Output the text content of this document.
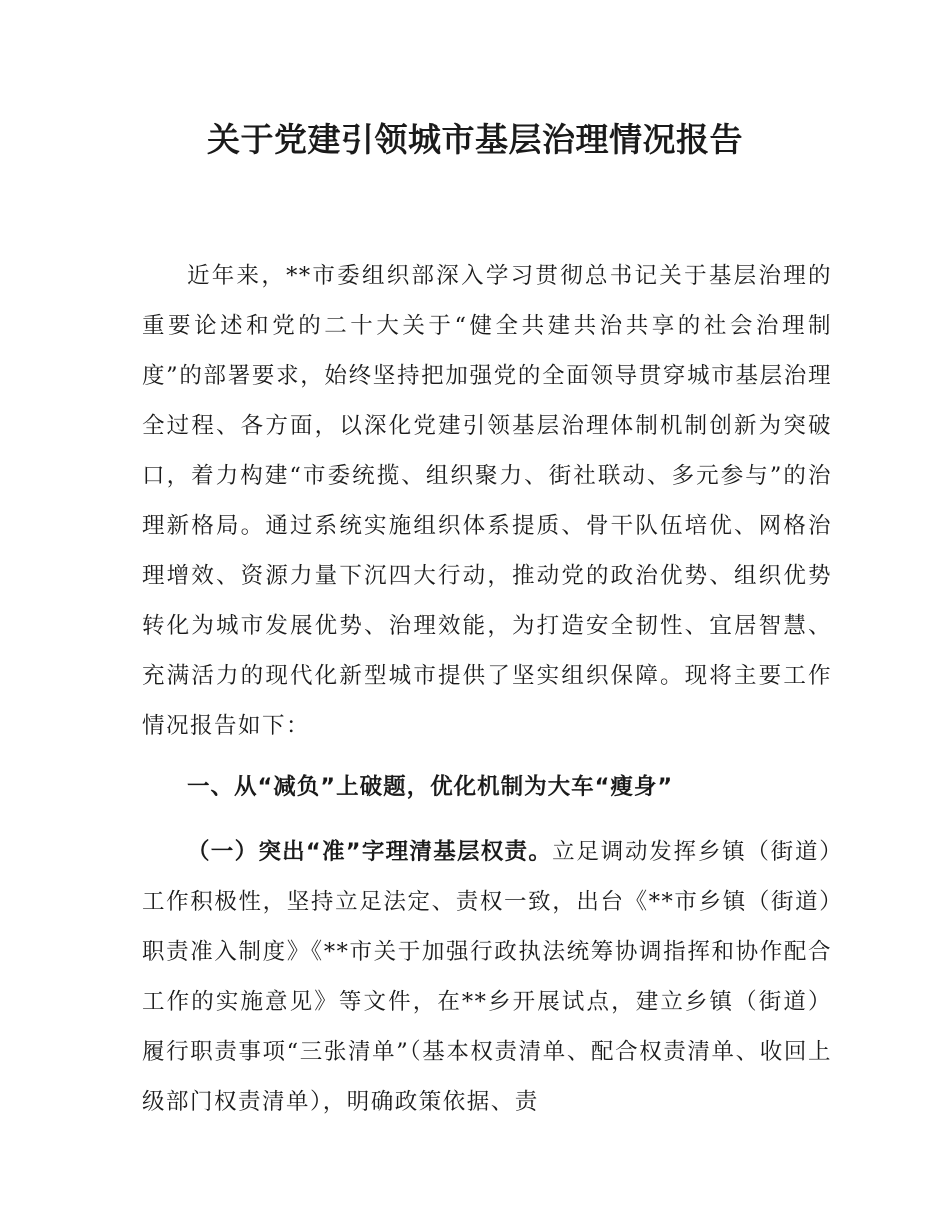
关于党建引领城市基层治理情况报告

近年来，**市委组织部深入学习贯彻总书记关于基层治理的重要论述和党的二十大关于“健全共建共治共享的社会治理制度”的部署要求，始终坚持把加强党的全面领导贯穿城市基层治理全过程、各方面，以深化党建引领基层治理体制机制创新为突破口，着力构建“市委统揽、组织聚力、街社联动、多元参与”的治理新格局。通过系统实施组织体系提质、骨干队伍培优、网格治理增效、资源力量下沉四大行动，推动党的政治优势、组织优势转化为城市发展优势、治理效能，为打造安全韧性、宜居智慧、充满活力的现代化新型城市提供了坚实组织保障。现将主要工作情况报告如下：

一、从“减负”上破题，优化机制为大车“瘦身”

（一）突出“准”字理清基层权责。立足调动发挥乡镇（街道）工作积极性，坚持立足法定、责权一致，出台《**市乡镇（街道）职责准入制度》《**市关于加强行政执法统筹协调指挥和协作配合工作的实施意见》等文件，在**乡开展试点，建立乡镇（街道）履行职责事项“三张清单”（基本权责清单、配合权责清单、收回上级部门权责清单），明确政策依据、责
